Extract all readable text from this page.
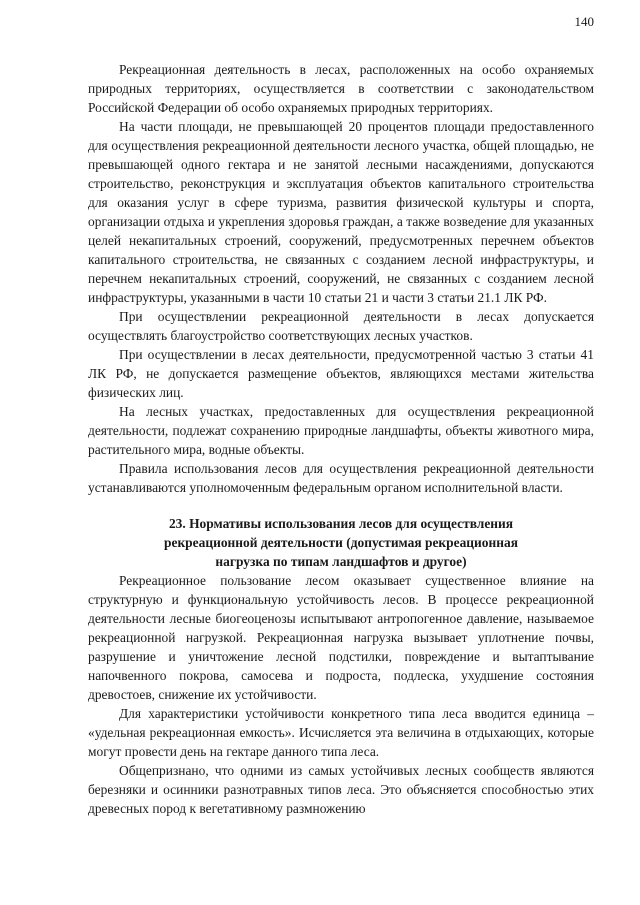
140

Рекреационная деятельность в лесах, расположенных на особо охраняемых природных территориях, осуществляется в соответствии с законодательством Российской Федерации об особо охраняемых природных территориях.

На части площади, не превышающей 20 процентов площади предоставленного для осуществления рекреационной деятельности лесного участка, общей площадью, не превышающей одного гектара и не занятой лесными насаждениями, допускаются строительство, реконструкция и эксплуатация объектов капитального строительства для оказания услуг в сфере туризма, развития физической культуры и спорта, организации отдыха и укрепления здоровья граждан, а также возведение для указанных целей некапитальных строений, сооружений, предусмотренных перечнем объектов капитального строительства, не связанных с созданием лесной инфраструктуры, и перечнем некапитальных строений, сооружений, не связанных с созданием лесной инфраструктуры, указанными в части 10 статьи 21 и части 3 статьи 21.1 ЛК РФ.

При осуществлении рекреационной деятельности в лесах допускается осуществлять благоустройство соответствующих лесных участков.

При осуществлении в лесах деятельности, предусмотренной частью 3 статьи 41 ЛК РФ, не допускается размещение объектов, являющихся местами жительства физических лиц.

На лесных участках, предоставленных для осуществления рекреационной деятельности, подлежат сохранению природные ландшафты, объекты животного мира, растительного мира, водные объекты.

Правила использования лесов для осуществления рекреационной деятельности устанавливаются уполномоченным федеральным органом исполнительной власти.

23. Нормативы использования лесов для осуществления
рекреационной деятельности (допустимая рекреационная
нагрузка по типам ландшафтов и другое)

Рекреационное пользование лесом оказывает существенное влияние на структурную и функциональную устойчивость лесов. В процессе рекреационной деятельности лесные биогеоценозы испытывают антропогенное давление, называемое рекреационной нагрузкой. Рекреационная нагрузка вызывает уплотнение почвы, разрушение и уничтожение лесной подстилки, повреждение и вытаптывание напочвенного покрова, самосева и подроста, подлеска, ухудшение состояния древостоев, снижение их устойчивости.

Для характеристики устойчивости конкретного типа леса вводится единица – «удельная рекреационная емкость». Исчисляется эта величина в отдыхающих, которые могут провести день на гектаре данного типа леса.

Общепризнано, что одними из самых устойчивых лесных сообществ являются березняки и осинники разнотравных типов леса. Это объясняется способностью этих древесных пород к вегетативному размножению
